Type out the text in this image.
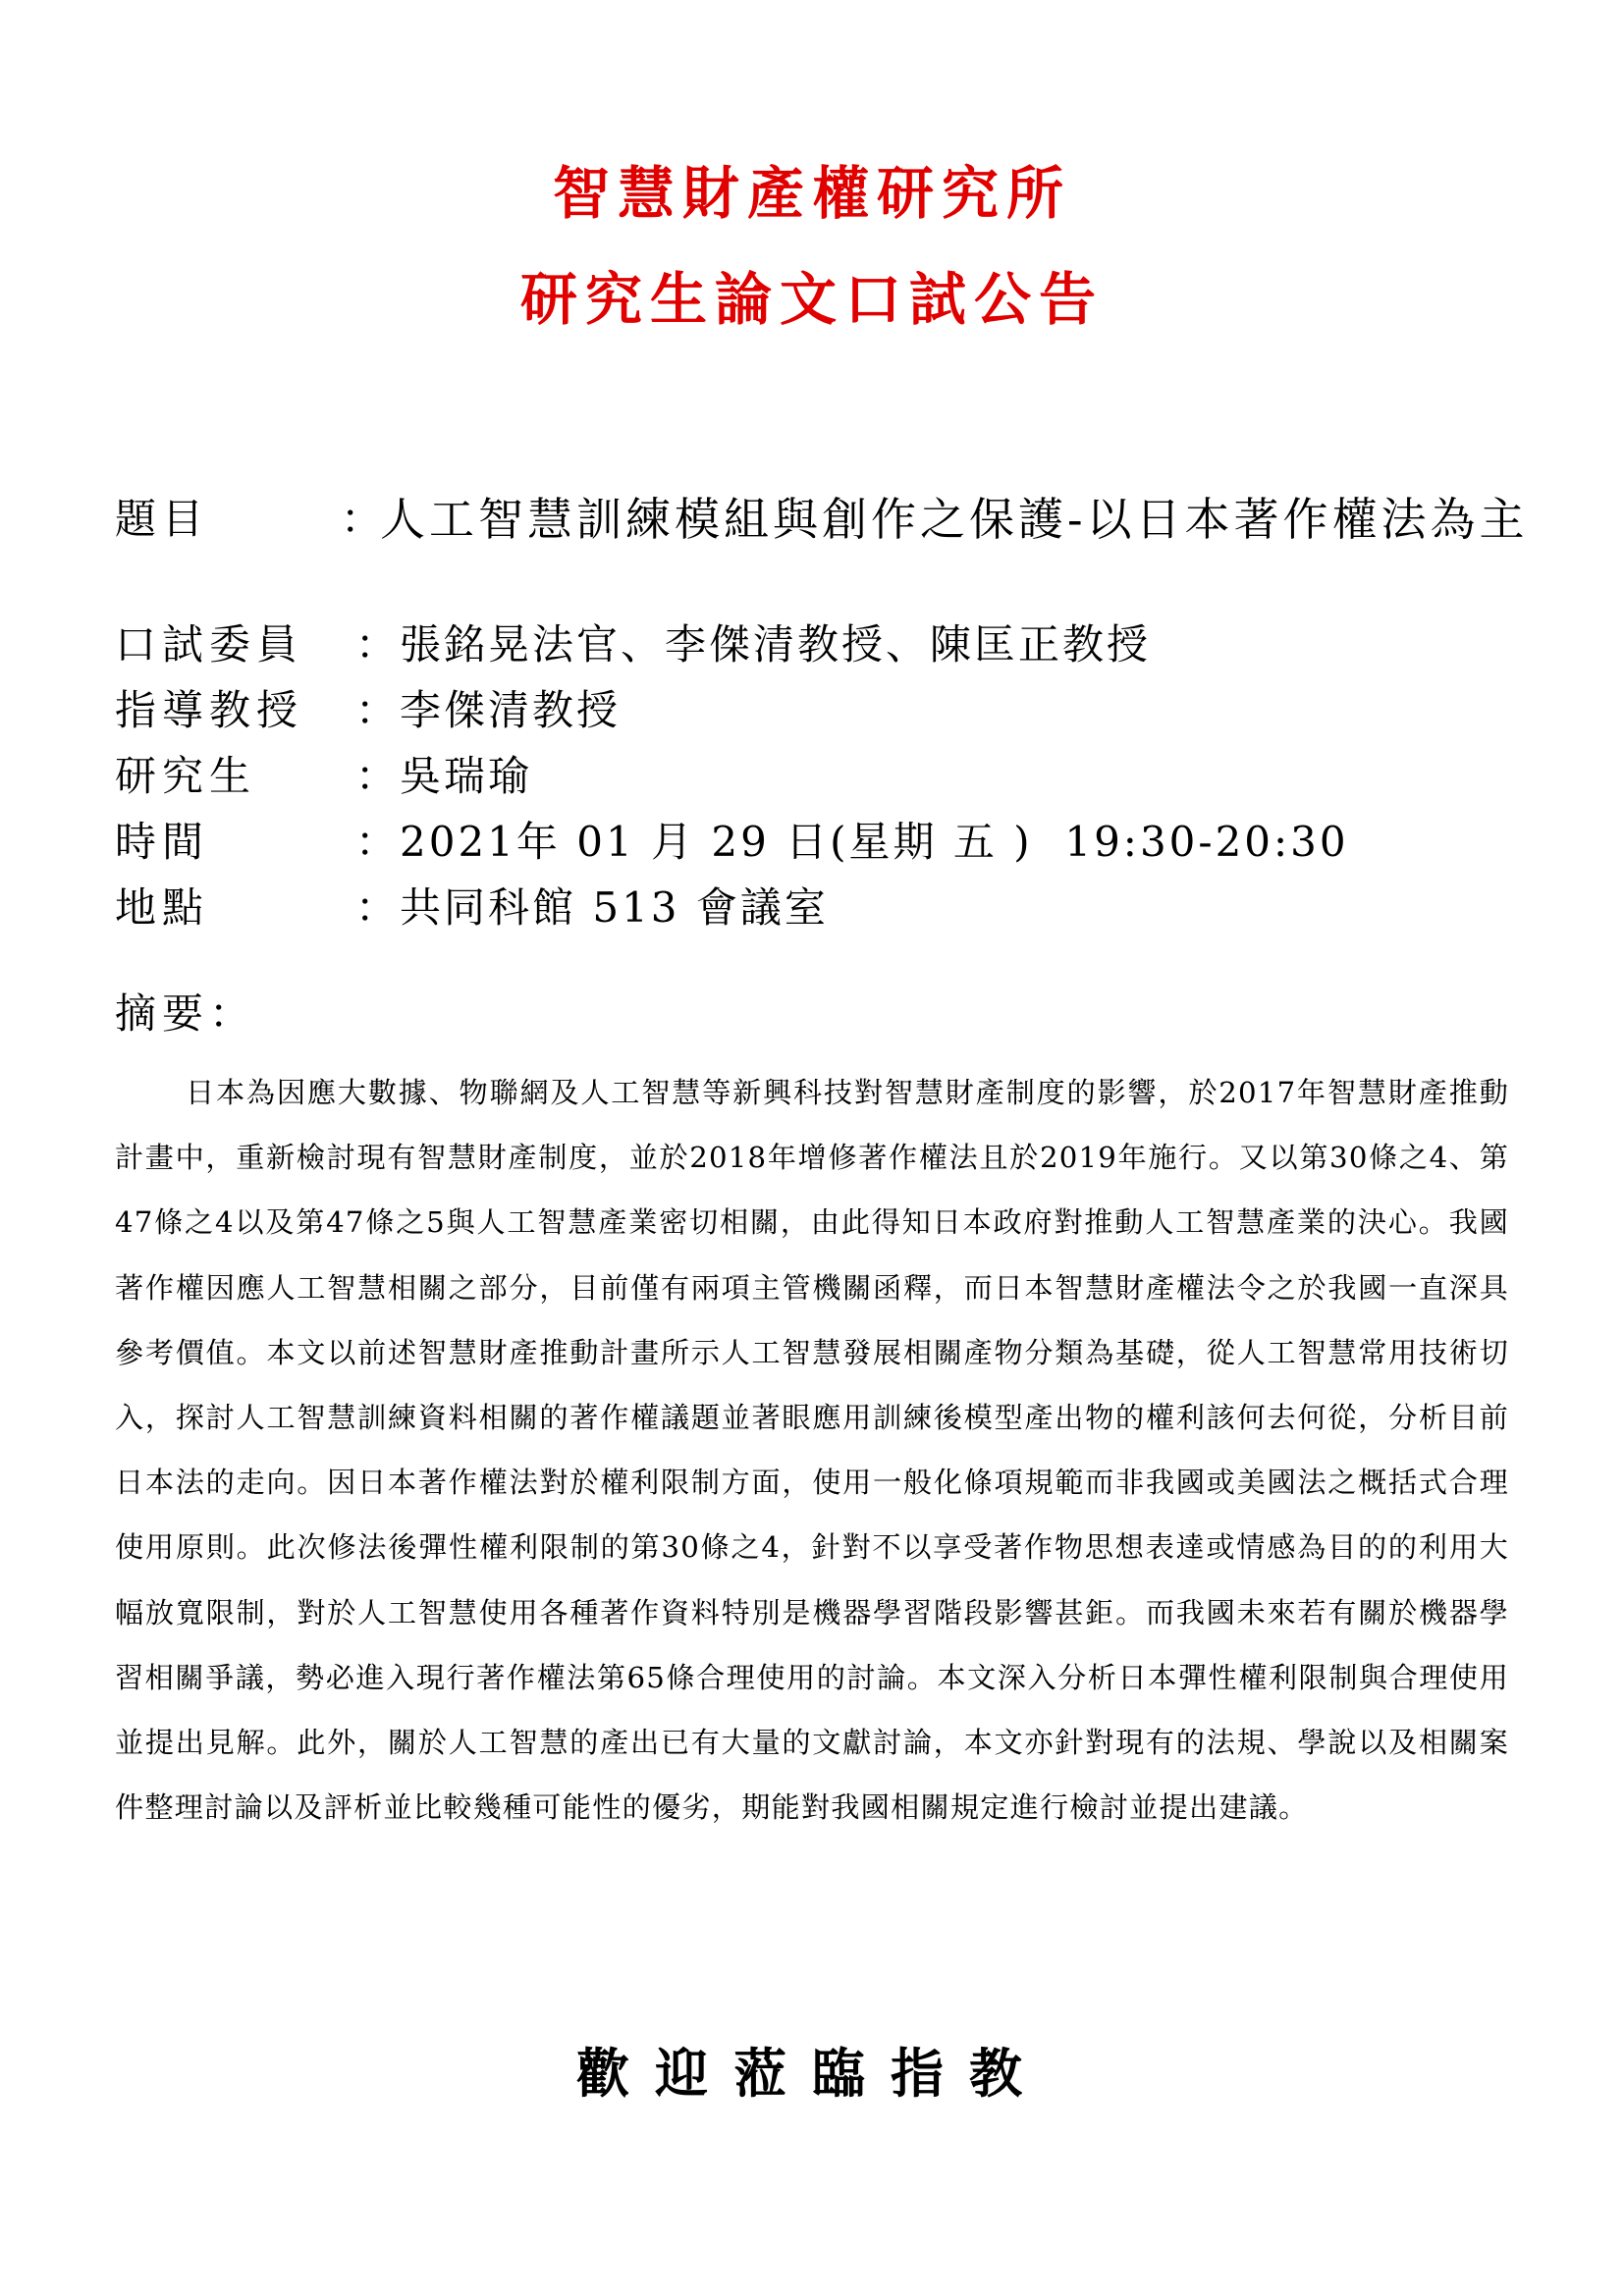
智慧財產權研究所
研究生論文口試公告
題目	：
人工智慧訓練模組與創作之保護-以日本著作權法為主
口試委員 ： 張銘晃法官、李傑清教授、陳匡正教授
指導教授 ： 李傑清教授
研究生 ： 吳瑞瑜
時間	： 2021年 01 月 29 日(星期 五 )  19:30-20:30
地點	： 共同科館 513 會議室
摘要：
日本為因應大數據、物聯網及人工智慧等新興科技對智慧財產制度的影響，於2017年智慧財產推動計畫中，重新檢討現有智慧財產制度，並於2018年增修著作權法且於2019年施行。又以第30條之4、第47條之4以及第47條之5與人工智慧產業密切相關，由此得知日本政府對推動人工智慧產業的決心。我國著作權因應人工智慧相關之部分，目前僅有兩項主管機關函釋，而日本智慧財產權法令之於我國一直深具參考價值。本文以前述智慧財產推動計畫所示人工智慧發展相關產物分類為基礎，從人工智慧常用技術切入，探討人工智慧訓練資料相關的著作權議題並著眼應用訓練後模型產出物的權利該何去何從，分析目前日本法的走向。因日本著作權法對於權利限制方面，使用一般化條項規範而非我國或美國法之概括式合理使用原則。此次修法後彈性權利限制的第30條之4，針對不以享受著作物思想表達或情感為目的的利用大幅放寬限制，對於人工智慧使用各種著作資料特別是機器學習階段影響甚鉅。而我國未來若有關於機器學習相關爭議，勢必進入現行著作權法第65條合理使用的討論。本文深入分析日本彈性權利限制與合理使用並提出見解。此外，關於人工智慧的產出已有大量的文獻討論，本文亦針對現有的法規、學說以及相關案件整理討論以及評析並比較幾種可能性的優劣，期能對我國相關規定進行檢討並提出建議。
歡迎蒞臨指教
